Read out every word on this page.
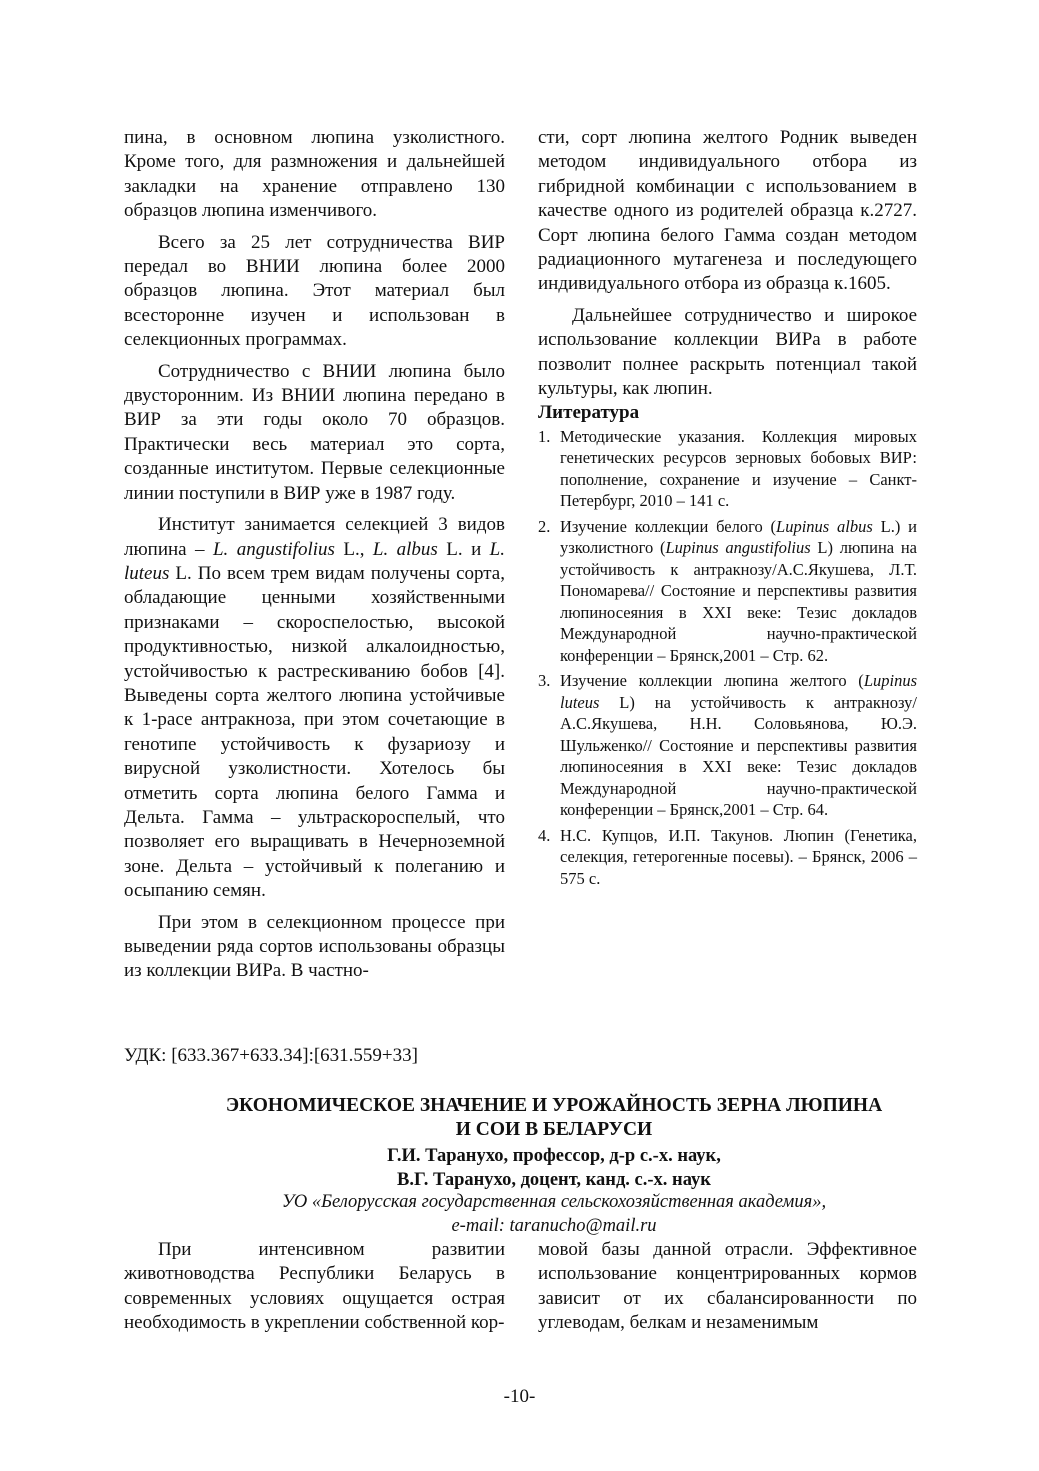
пина, в основном люпина узколистного. Кроме того, для размножения и дальнейшей закладки на хранение отправлено 130 образцов люпина изменчивого.

Всего за 25 лет сотрудничества ВИР передал во ВНИИ люпина более 2000 образцов люпина. Этот материал был всесторонне изучен и использован в селекционных программах.

Сотрудничество с ВНИИ люпина было двусторонним. Из ВНИИ люпина передано в ВИР за эти годы около 70 образцов. Практически весь материал это сорта, созданные институтом. Первые селекционные линии поступили в ВИР уже в 1987 году.

Институт занимается селекцией 3 видов люпина – L. angustifolius L., L. albus L. и L. luteus L. По всем трем видам получены сорта, обладающие ценными хозяйственными признаками – скороспелостью, высокой продуктивностью, низкой алкалоидностью, устойчивостью к растрескиванию бобов [4]. Выведены сорта желтого люпина устойчивые к 1-расе антракноза, при этом сочетающие в генотипе устойчивость к фузариозу и вирусной узколистности. Хотелось бы отметить сорта люпина белого Гамма и Дельта. Гамма – ультраскороспелый, что позволяет его выращивать в Нечерноземной зоне. Дельта – устойчивый к полеганию и осыпанию семян.

При этом в селекционном процессе при выведении ряда сортов использованы образцы из коллекции ВИРа. В частно-

сти, сорт люпина желтого Родник выведен методом индивидуального отбора из гибридной комбинации с использованием в качестве одного из родителей образца к.2727. Сорт люпина белого Гамма создан методом радиационного мутагенеза и последующего индивидуального отбора из образца к.1605.

Дальнейшее сотрудничество и широкое использование коллекции ВИРа в работе позволит полнее раскрыть потенциал такой культуры, как люпин.

Литература

1. Методические указания. Коллекция мировых генетических ресурсов зерновых бобовых ВИР: пополнение, сохранение и изучение – Санкт-Петербург, 2010 – 141 с.
2. Изучение коллекции белого (Lupinus albus L.) и узколистного (Lupinus angustifolius L) люпина на устойчивость к антракнозу/А.С.Якушева, Л.Т. Пономарева// Состояние и перспективы развития люпиносеяния в XXI веке: Тезис докладов Международной научно-практической конференции – Брянск,2001 – Стр. 62.
3. Изучение коллекции люпина желтого (Lupinus luteus L) на устойчивость к антракнозу/А.С.Якушева, Н.Н. Соловьянова, Ю.Э. Шульженко// Состояние и перспективы развития люпиносеяния в XXI веке: Тезис докладов Международной научно-практической конференции – Брянск,2001 – Стр. 64.
4. Н.С. Купцов, И.П. Такунов. Люпин (Генетика, селекция, гетерогенные посевы). – Брянск, 2006 – 575 с.
УДК: [633.367+633.34]:[631.559+33]
ЭКОНОМИЧЕСКОЕ ЗНАЧЕНИЕ И УРОЖАЙНОСТЬ ЗЕРНА ЛЮПИНА
И СОИ В БЕЛАРУСИ
Г.И. Таранухо, профессор, д-р с.-х. наук,
В.Г. Таранухо, доцент, канд. с.-х. наук
УО «Белорусская государственная сельскохозяйственная академия»,
e-mail: taranucho@mail.ru

При интенсивном развитии животноводства Республики Беларусь в современных условиях ощущается острая необходимость в укреплении собственной кор-

мовой базы данной отрасли. Эффективное использование концентрированных кормов зависит от их сбалансированности по углеводам, белкам и незаменимым

-10-
